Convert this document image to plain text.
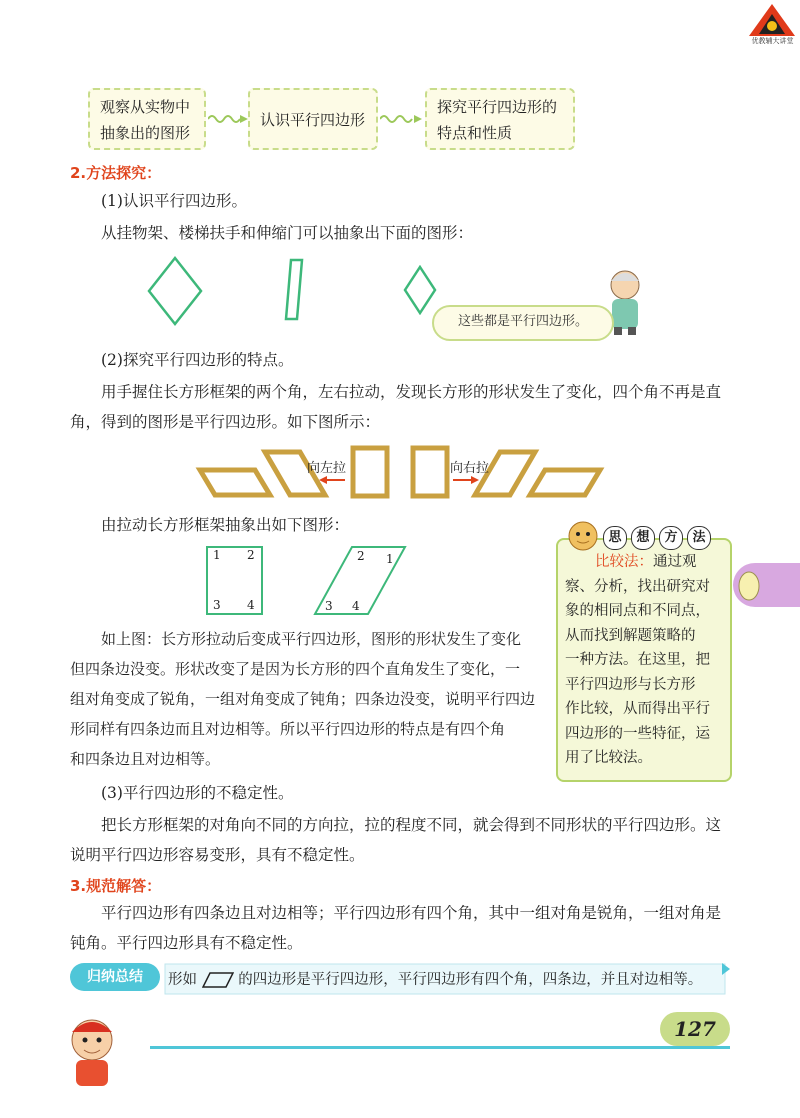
优教辅大讲堂
观察从实物中
抽象出的图形
认识平行四边形
探究平行四边形的
特点和性质
2.方法探究：
(1)认识平行四边形。
从挂物架、楼梯扶手和伸缩门可以抽象出下面的图形：
这些都是平行四边形。
(2)探究平行四边形的特点。
用手握住长方形框架的两个角，左右拉动，发现长方形的形状发生了变化，四个角不再是直
角，得到的图形是平行四边形。如下图所示：
向左拉	向右拉
由拉动长方形框架抽象出如下图形：
1 2
3 4
1
2
3 4
如上图：长方形拉动后变成平行四边形，图形的形状发生了变化
但四条边没变。形状改变了是因为长方形的四个直角发生了变化，一
组对角变成了锐角，一组对角变成了钝角；四条边没变，说明平行四边
形同样有四条边而且对边相等。所以平行四边形的特点是有四个角
和四条边且对边相等。
思	想	方	法
比较法：通过观
察、分析，找出研究对
象的相同点和不同点，
从而找到解题策略的
一种方法。在这里，把
平行四边形与长方形
作比较，从而得出平行
四边形的一些特征，运
用了比较法。
(3)平行四边形的不稳定性。
把长方形框架的对角向不同的方向拉，拉的程度不同，就会得到不同形状的平行四边形。这
说明平行四边形容易变形，具有不稳定性。
3.规范解答：
平行四边形有四条边且对边相等；平行四边形有四个角，其中一组对角是锐角，一组对角是
钝角。平行四边形具有不稳定性。
归纳总结	形如	的四边形是平行四边形，平行四边形有四个角，四条边，并且对边相等。
127
